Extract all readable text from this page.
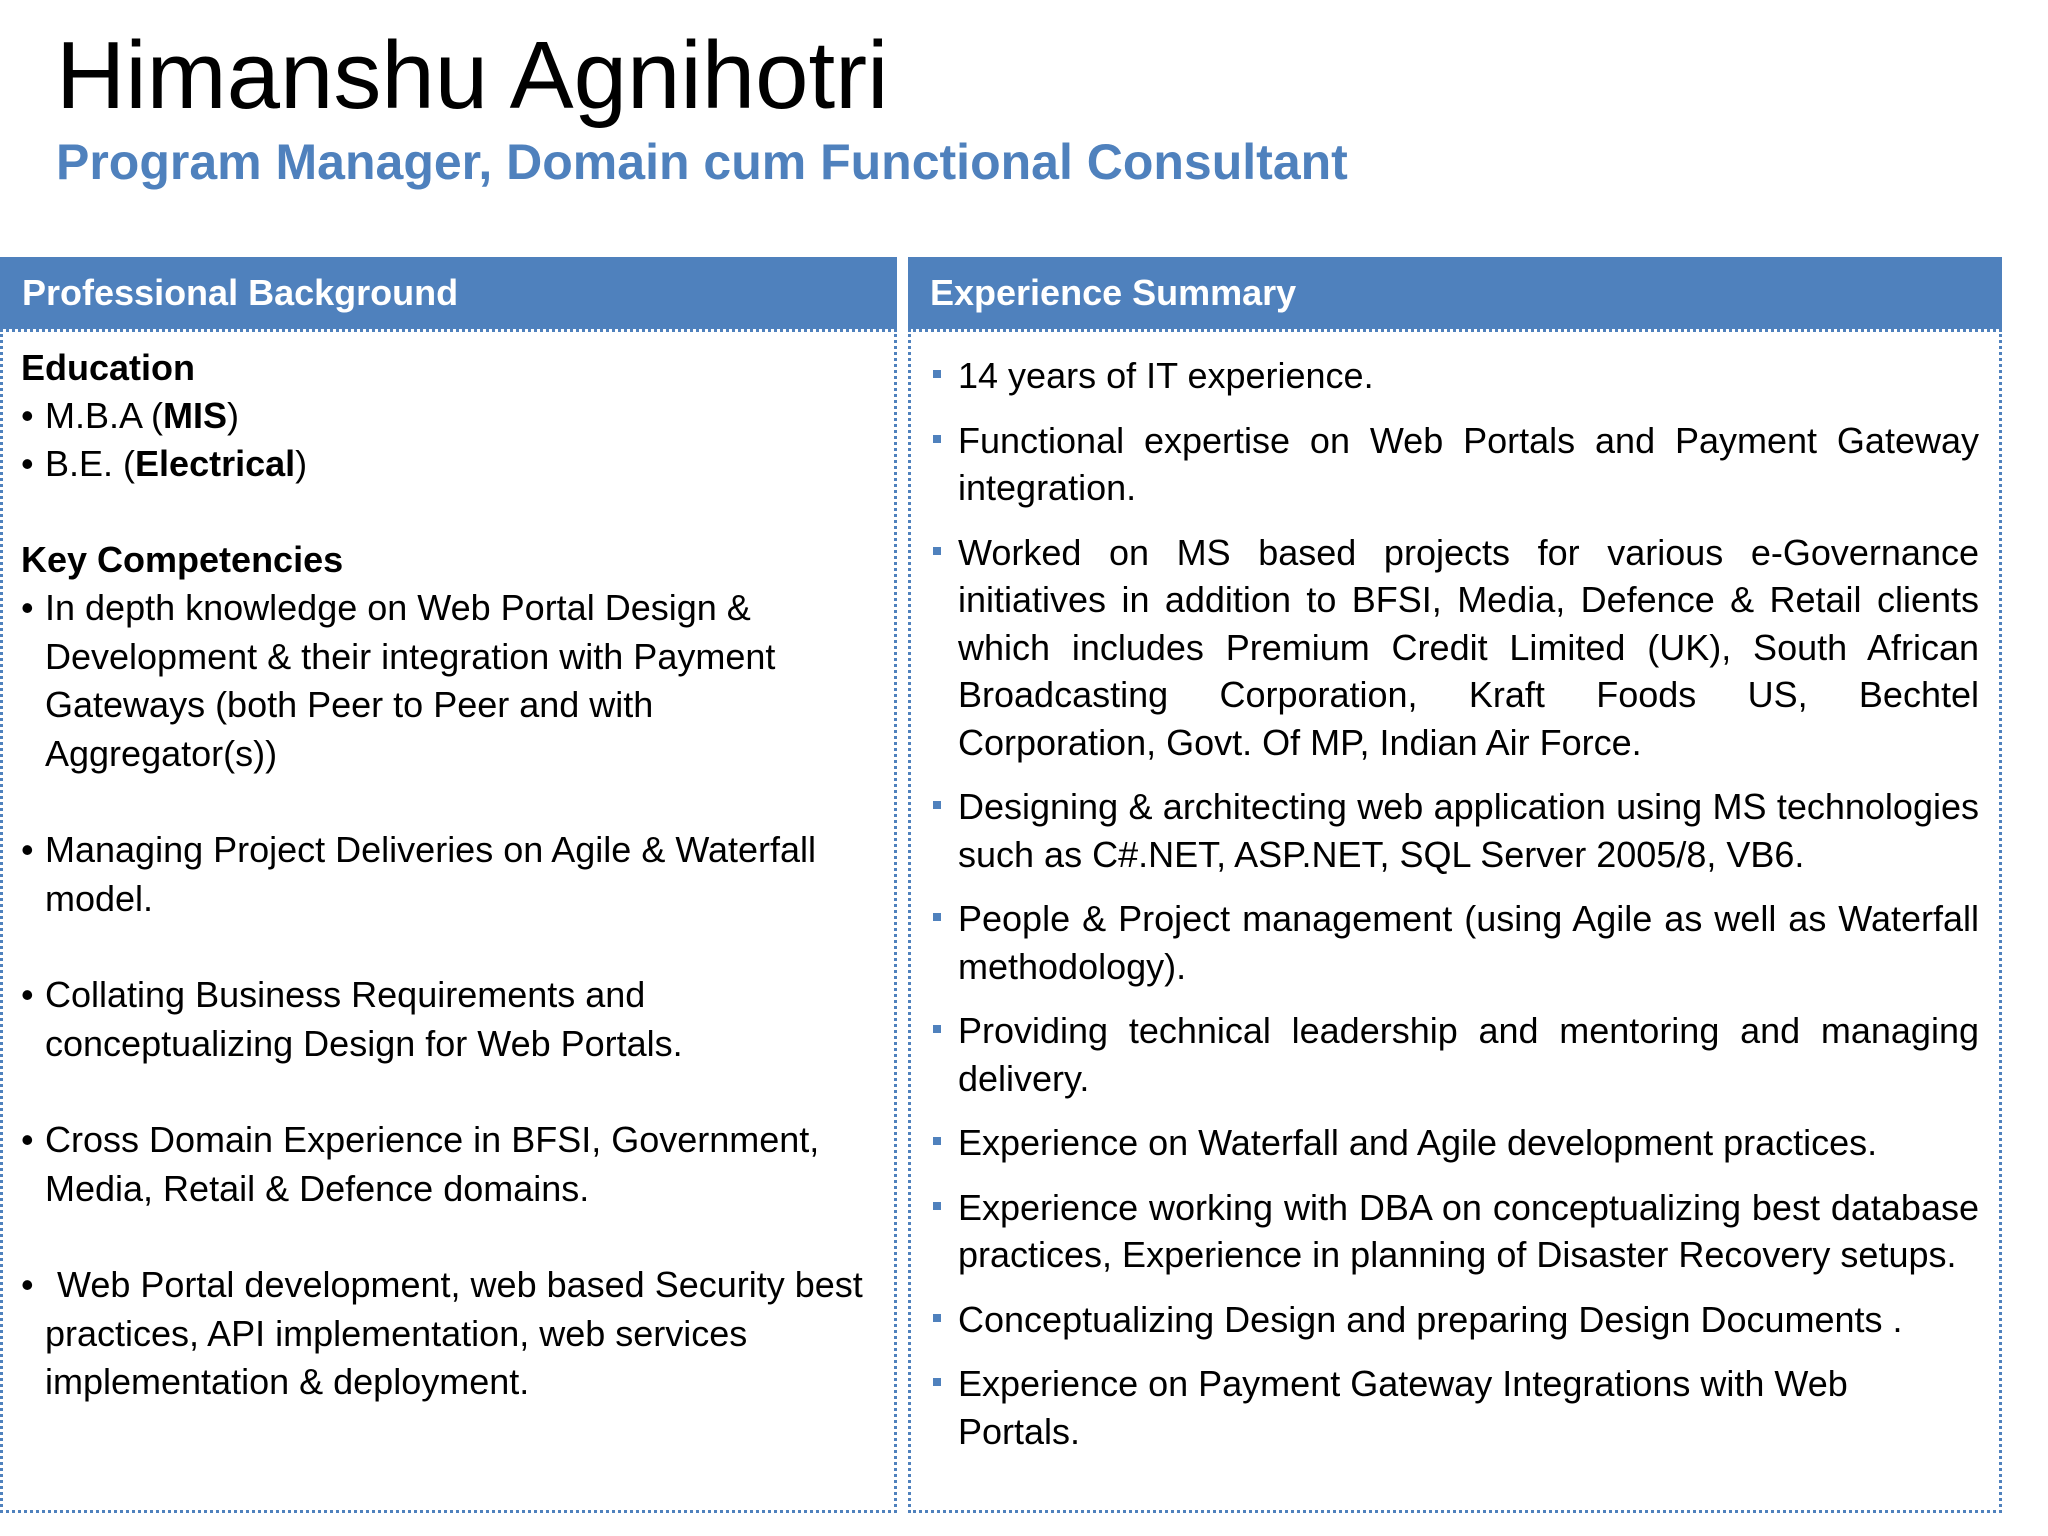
Himanshu Agnihotri
Program Manager, Domain cum Functional Consultant
Professional Background
Education
• M.B.A (MIS)
• B.E. (Electrical)
Key Competencies
• In depth knowledge on Web Portal Design & Development & their integration with Payment Gateways (both Peer to Peer and with Aggregator(s))
• Managing Project Deliveries on Agile & Waterfall model.
• Collating Business Requirements and conceptualizing Design for Web Portals.
• Cross Domain Experience in BFSI, Government, Media, Retail & Defence domains.
• Web Portal development, web based Security best practices, API implementation, web services implementation & deployment.
Experience Summary
14 years of IT experience.
Functional expertise on Web Portals and Payment Gateway integration.
Worked on MS based projects for various e-Governance initiatives in addition to BFSI, Media, Defence & Retail clients which includes Premium Credit Limited (UK), South African Broadcasting Corporation, Kraft Foods US, Bechtel Corporation, Govt. Of MP, Indian Air Force.
Designing & architecting web application using MS technologies such as C#.NET, ASP.NET, SQL Server 2005/8, VB6.
People & Project management (using Agile as well as Waterfall methodology).
Providing technical leadership and mentoring and managing delivery.
Experience on Waterfall and Agile development practices.
Experience working with DBA on conceptualizing best database practices, Experience in planning of Disaster Recovery setups.
Conceptualizing Design and preparing Design Documents .
Experience on Payment Gateway Integrations with Web Portals.
